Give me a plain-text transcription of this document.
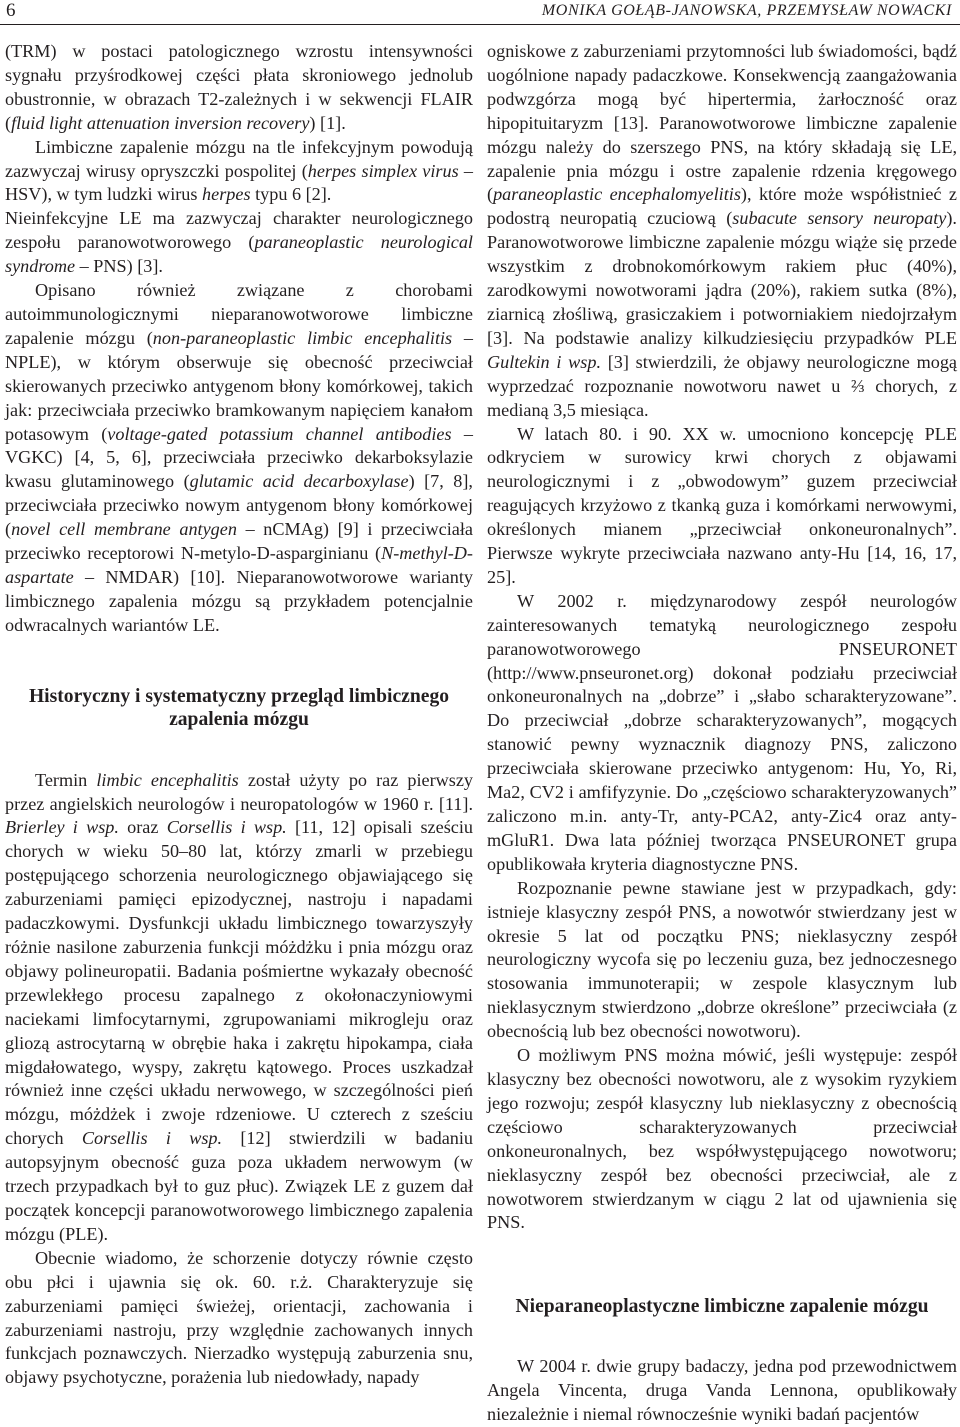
6	MONIKA GOŁĄB-JANOWSKA, PRZEMYSŁAW NOWACKI

(TRM) w postaci patologicznego wzrostu intensywności sygnału przyśrodkowej części płata skroniowego jednolub obustronnie, w obrazach T2-zależnych i w sekwencji FLAIR (fluid light attenuation inversion recovery) [1].

Limbiczne zapalenie mózgu na tle infekcyjnym powodują zazwyczaj wirusy opryszczki pospolitej (herpes simplex virus – HSV), w tym ludzki wirus herpes typu 6 [2].

Nieinfekcyjne LE ma zazwyczaj charakter neurologicznego zespołu paranowotworowego (paraneoplastic neurological syndrome – PNS) [3].

Opisano również związane z chorobami autoimmunologicznymi nieparanowotworowe limbiczne zapalenie mózgu (non-paraneoplastic limbic encephalitis – NPLE), w którym obserwuje się obecność przeciwciał skierowanych przeciwko antygenom błony komórkowej, takich jak: przeciwciała przeciwko bramkowanym napięciem kanałom potasowym (voltage-gated potassium channel antibodies – VGKC) [4, 5, 6], przeciwciała przeciwko dekarboksylazie kwasu glutaminowego (glutamic acid decarboxylase) [7, 8], przeciwciała przeciwko nowym antygenom błony komórkowej (novel cell membrane antygen – nCMAg) [9] i przeciwciała przeciwko receptorowi N-metylo-D-asparginianu (N-methyl-D-aspartate – NMDAR) [10]. Nieparanowotworowe warianty limbicznego zapalenia mózgu są przykładem potencjalnie odwracalnych wariantów LE.

Historyczny i systematyczny przegląd limbicznego zapalenia mózgu

Termin limbic encephalitis został użyty po raz pierwszy przez angielskich neurologów i neuropatologów w 1960 r. [11]. Brierley i wsp. oraz Corsellis i wsp. [11, 12] opisali sześciu chorych w wieku 50–80 lat, którzy zmarli w przebiegu postępującego schorzenia neurologicznego objawiającego się zaburzeniami pamięci epizodycznej, nastroju i napadami padaczkowymi. Dysfunkcji układu limbicznego towarzyszyły różnie nasilone zaburzenia funkcji móżdżku i pnia mózgu oraz objawy polineuropatii. Badania pośmiertne wykazały obecność przewlekłego procesu zapalnego z okołonaczyniowymi naciekami limfocytarnymi, zgrupowaniami mikrogleju oraz gliozą astrocytarną w obrębie haka i zakrętu hipokampa, ciała migdałowatego, wyspy, zakrętu kątowego. Proces uszkadzał również inne części układu nerwowego, w szczególności pień mózgu, móżdżek i zwoje rdzeniowe. U czterech z sześciu chorych Corsellis i wsp. [12] stwierdzili w badaniu autopsyjnym obecność guza poza układem nerwowym (w trzech przypadkach był to guz płuc). Związek LE z guzem dał początek koncepcji paranowotworowego limbicznego zapalenia mózgu (PLE).

Obecnie wiadomo, że schorzenie dotyczy równie często obu płci i ujawnia się ok. 60. r.ż. Charakteryzuje się zaburzeniami pamięci świeżej, orientacji, zachowania i zaburzeniami nastroju, przy względnie zachowanych innych funkcjach poznawczych. Nierzadko występują zaburzenia snu, objawy psychotyczne, porażenia lub niedowłady, napady

ogniskowe z zaburzeniami przytomności lub świadomości, bądź uogólnione napady padaczkowe. Konsekwencją zaangażowania podwzgórza mogą być hipertermia, żarłoczność oraz hipopituitaryzm [13]. Paranowotworowe limbiczne zapalenie mózgu należy do szerszego PNS, na który składają się LE, zapalenie pnia mózgu i ostre zapalenie rdzenia kręgowego (paraneoplastic encephalomyelitis), które może współistnieć z podostrą neuropatią czuciową (subacute sensory neuropaty). Paranowotworowe limbiczne zapalenie mózgu wiąże się przede wszystkim z drobnokomórkowym rakiem płuc (40%), zarodkowymi nowotworami jądra (20%), rakiem sutka (8%), ziarnicą złośliwą, grasiczakiem i potworniakiem niedojrzałym [3]. Na podstawie analizy kilkudziesięciu przypadków PLE Gultekin i wsp. [3] stwierdzili, że objawy neurologiczne mogą wyprzedzać rozpoznanie nowotworu nawet u ⅔ chorych, z medianą 3,5 miesiąca.

W latach 80. i 90. XX w. umocniono koncepcję PLE odkryciem w surowicy krwi chorych z objawami neurologicznymi i z „obwodowym” guzem przeciwciał reagujących krzyżowo z tkanką guza i komórkami nerwowymi, określonych mianem „przeciwciał onkoneuronalnych”. Pierwsze wykryte przeciwciała nazwano anty-Hu [14, 16, 17, 25].

W 2002 r. międzynarodowy zespół neurologów zainteresowanych tematyką neurologicznego zespołu paranowotworowego PNSEURONET (http://www.pnseuronet.org) dokonał podziału przeciwciał onkoneuronalnych na „dobrze” i „słabo scharakteryzowane”. Do przeciwciał „dobrze scharakteryzowanych”, mogących stanowić pewny wyznacznik diagnozy PNS, zaliczono przeciwciała skierowane przeciwko antygenom: Hu, Yo, Ri, Ma2, CV2 i amfifyzynie. Do „częściowo scharakteryzowanych” zaliczono m.in. anty-Tr, anty-PCA2, anty-Zic4 oraz anty-mGluR1. Dwa lata później tworząca PNSEURONET grupa opublikowała kryteria diagnostyczne PNS.

Rozpoznanie pewne stawiane jest w przypadkach, gdy: istnieje klasyczny zespół PNS, a nowotwór stwierdzany jest w okresie 5 lat od początku PNS; nieklasyczny zespół neurologiczny wycofa się po leczeniu guza, bez jednoczesnego stosowania immunoterapii; w zespole klasycznym lub nieklasycznym stwierdzono „dobrze określone” przeciwciała (z obecnością lub bez obecności nowotworu).

O możliwym PNS można mówić, jeśli występuje: zespół klasyczny bez obecności nowotworu, ale z wysokim ryzykiem jego rozwoju; zespół klasyczny lub nieklasyczny z obecnością częściowo scharakteryzowanych przeciwciał onkoneuronalnych, bez współwystępującego nowotworu; nieklasyczny zespół bez obecności przeciwciał, ale z nowotworem stwierdzanym w ciągu 2 lat od ujawnienia się PNS.

Nieparaneoplastyczne limbiczne zapalenie mózgu

W 2004 r. dwie grupy badaczy, jedna pod przewodnictwem Angela Vincenta, druga Vanda Lennona, opublikowały niezależnie i niemal równocześnie wyniki badań pacjentów
